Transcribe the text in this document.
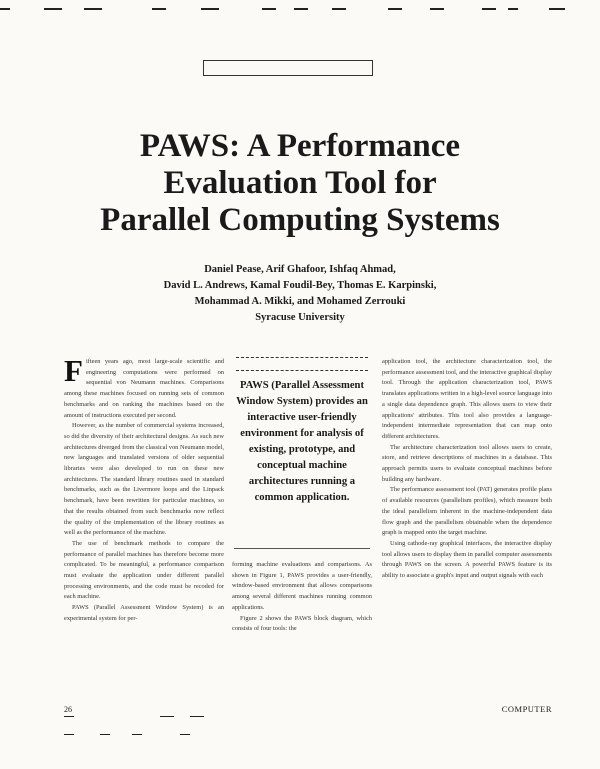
PAWS: A Performance
Evaluation Tool for
Parallel Computing Systems
Daniel Pease, Arif Ghafoor, Ishfaq Ahmad,
David L. Andrews, Kamal Foudil-Bey, Thomas E. Karpinski,
Mohammad A. Mikki, and Mohamed Zerrouki
Syracuse University

Fifteen years ago, most large-scale scientific and engineering computations were performed on sequential von Neumann machines. Comparisons among these machines focused on running sets of common benchmarks and on ranking the machines based on the amount of instructions executed per second.

However, as the number of commercial systems increased, so did the diversity of their architectural designs. As such new architectures diverged from the classical von Neumann model, new languages and translated versions of older sequential libraries were also developed to run on these new architectures. The standard library routines used in standard benchmarks, such as the Livermore loops and the Linpack benchmark, have been rewritten for particular machines, so that the results obtained from such benchmarks now reflect the quality of the implementation of the library routines as well as the performance of the machine.

The use of benchmark methods to compare the performance of parallel machines has therefore become more complicated. To be meaningful, a performance comparison must evaluate the application under different parallel processing environments, and the code must be recoded for each machine.

PAWS (Parallel Assessment Window System) is an experimental system for per-

PAWS (Parallel Assessment Window System) provides an interactive user-friendly environment for analysis of existing, prototype, and conceptual machine architectures running a common application.

forming machine evaluations and comparisons. As shown in Figure 1, PAWS provides a user-friendly, window-based environment that allows comparisons among several different machines running common applications.

Figure 2 shows the PAWS block diagram, which consists of four tools: the

application tool, the architecture characterization tool, the performance assessment tool, and the interactive graphical display tool. Through the application characterization tool, PAWS translates applications written in a high-level source language into a single data dependence graph. This allows users to view their applications' attributes. This tool also provides a language-independent intermediate representation that can map onto different architectures.

The architecture characterization tool allows users to create, store, and retrieve descriptions of machines in a database. This approach permits users to evaluate conceptual machines before building any hardware.

The performance assessment tool (PAT) generates profile plans of available resources (parallelism profiles), which measure both the ideal parallelism inherent in the machine-independent data flow graph and the parallelism obtainable when the dependence graph is mapped onto the target machine.

Using cathode-ray graphical interfaces, the interactive display tool allows users to display them in parallel computer assessments through PAWS on the screen. A powerful PAWS feature is its ability to associate a graph's input and output signals with each

26	COMPUTER
